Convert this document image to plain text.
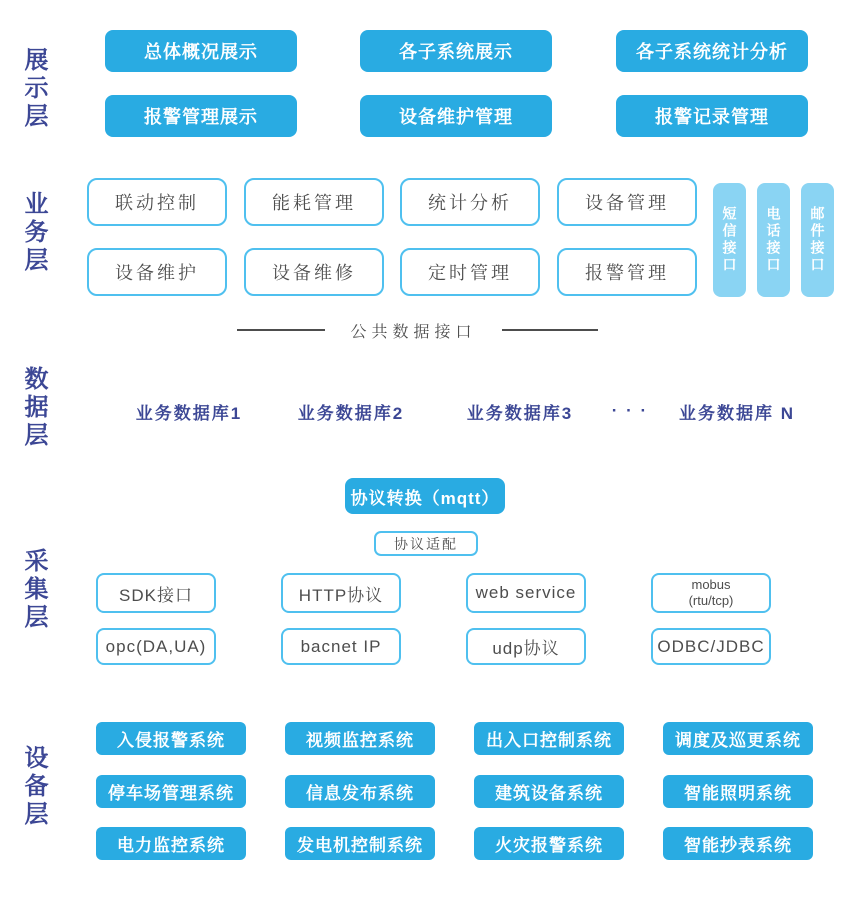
展示层	总体概况展示	各子系统展示	各子系统统计分析
报警管理展示	设备维护管理	报警记录管理
业务层	联动控制	能耗管理	统计分析	设备管理
设备维护	设备维修	定时管理	报警管理	短信接口	电话接口	邮件接口
公共数据接口
数据层	业务数据库1	业务数据库2	业务数据库3	· · ·	业务数据库 N
采集层
协议转换（mqtt）
协议适配
SDK接口	HTTP协议	web service	mobus
(rtu/tcp)
opc(DA,UA)	bacnet IP	udp协议	ODBC/JDBC
设备层
入侵报警系统	视频监控系统	出入口控制系统	调度及巡更系统
停车场管理系统	信息发布系统	建筑设备系统	智能照明系统
电力监控系统	发电机控制系统	火灾报警系统	智能抄表系统
